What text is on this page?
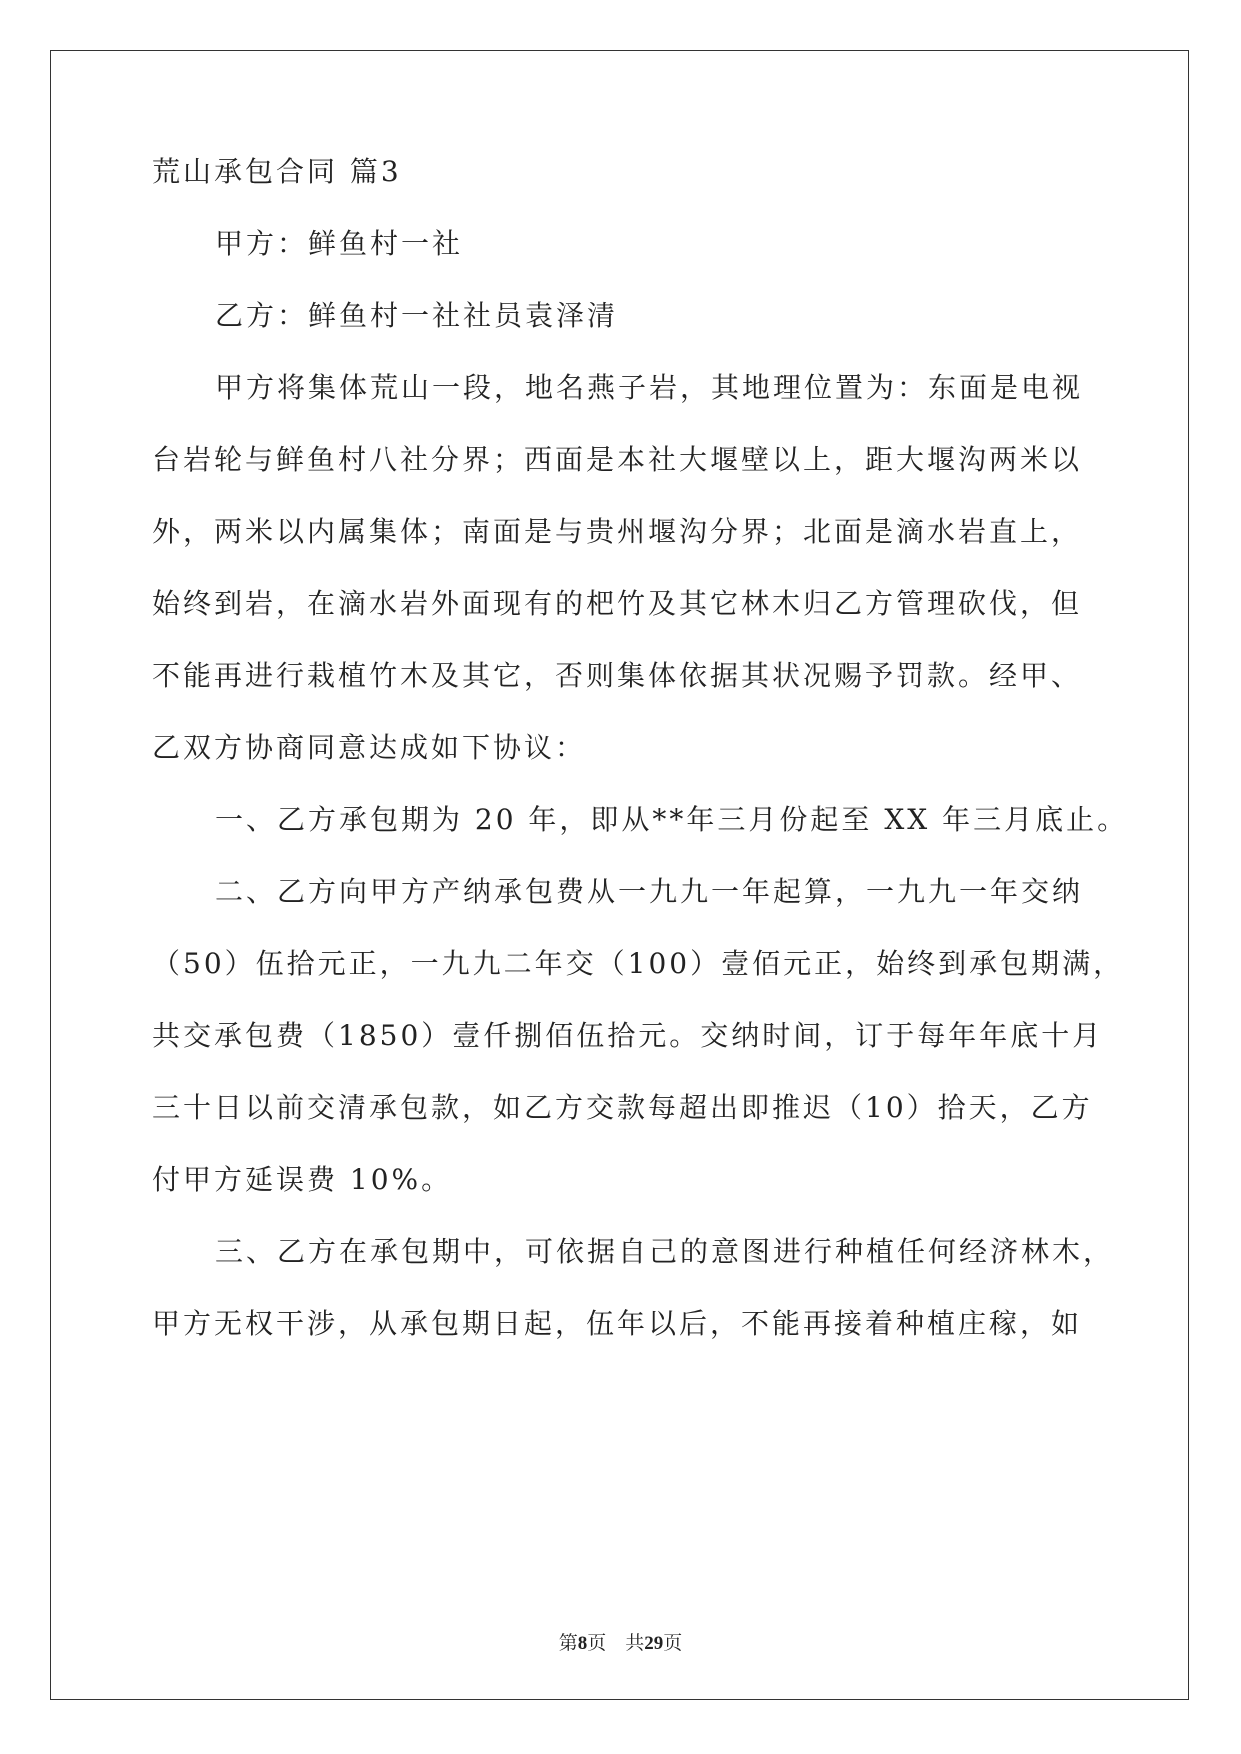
荒山承包合同 篇3
甲方：鲜鱼村一社
乙方：鲜鱼村一社社员袁泽清
甲方将集体荒山一段，地名燕子岩，其地理位置为：东面是电视
台岩轮与鲜鱼村八社分界；西面是本社大堰壁以上，距大堰沟两米以
外，两米以内属集体；南面是与贵州堰沟分界；北面是滴水岩直上，
始终到岩，在滴水岩外面现有的杷竹及其它林木归乙方管理砍伐，但
不能再进行栽植竹木及其它，否则集体依据其状况赐予罚款。经甲、
乙双方协商同意达成如下协议：
一、乙方承包期为 20 年，即从**年三月份起至 XX 年三月底止。
二、乙方向甲方产纳承包费从一九九一年起算，一九九一年交纳
（50）伍拾元正，一九九二年交（100）壹佰元正，始终到承包期满，
共交承包费（1850）壹仟捌佰伍拾元。交纳时间，订于每年年底十月
三十日以前交清承包款，如乙方交款每超出即推迟（10）拾天，乙方
付甲方延误费 10%。
三、乙方在承包期中，可依据自己的意图进行种植任何经济林木，
甲方无权干涉，从承包期日起，伍年以后，不能再接着种植庄稼，如
第8页　共29页
